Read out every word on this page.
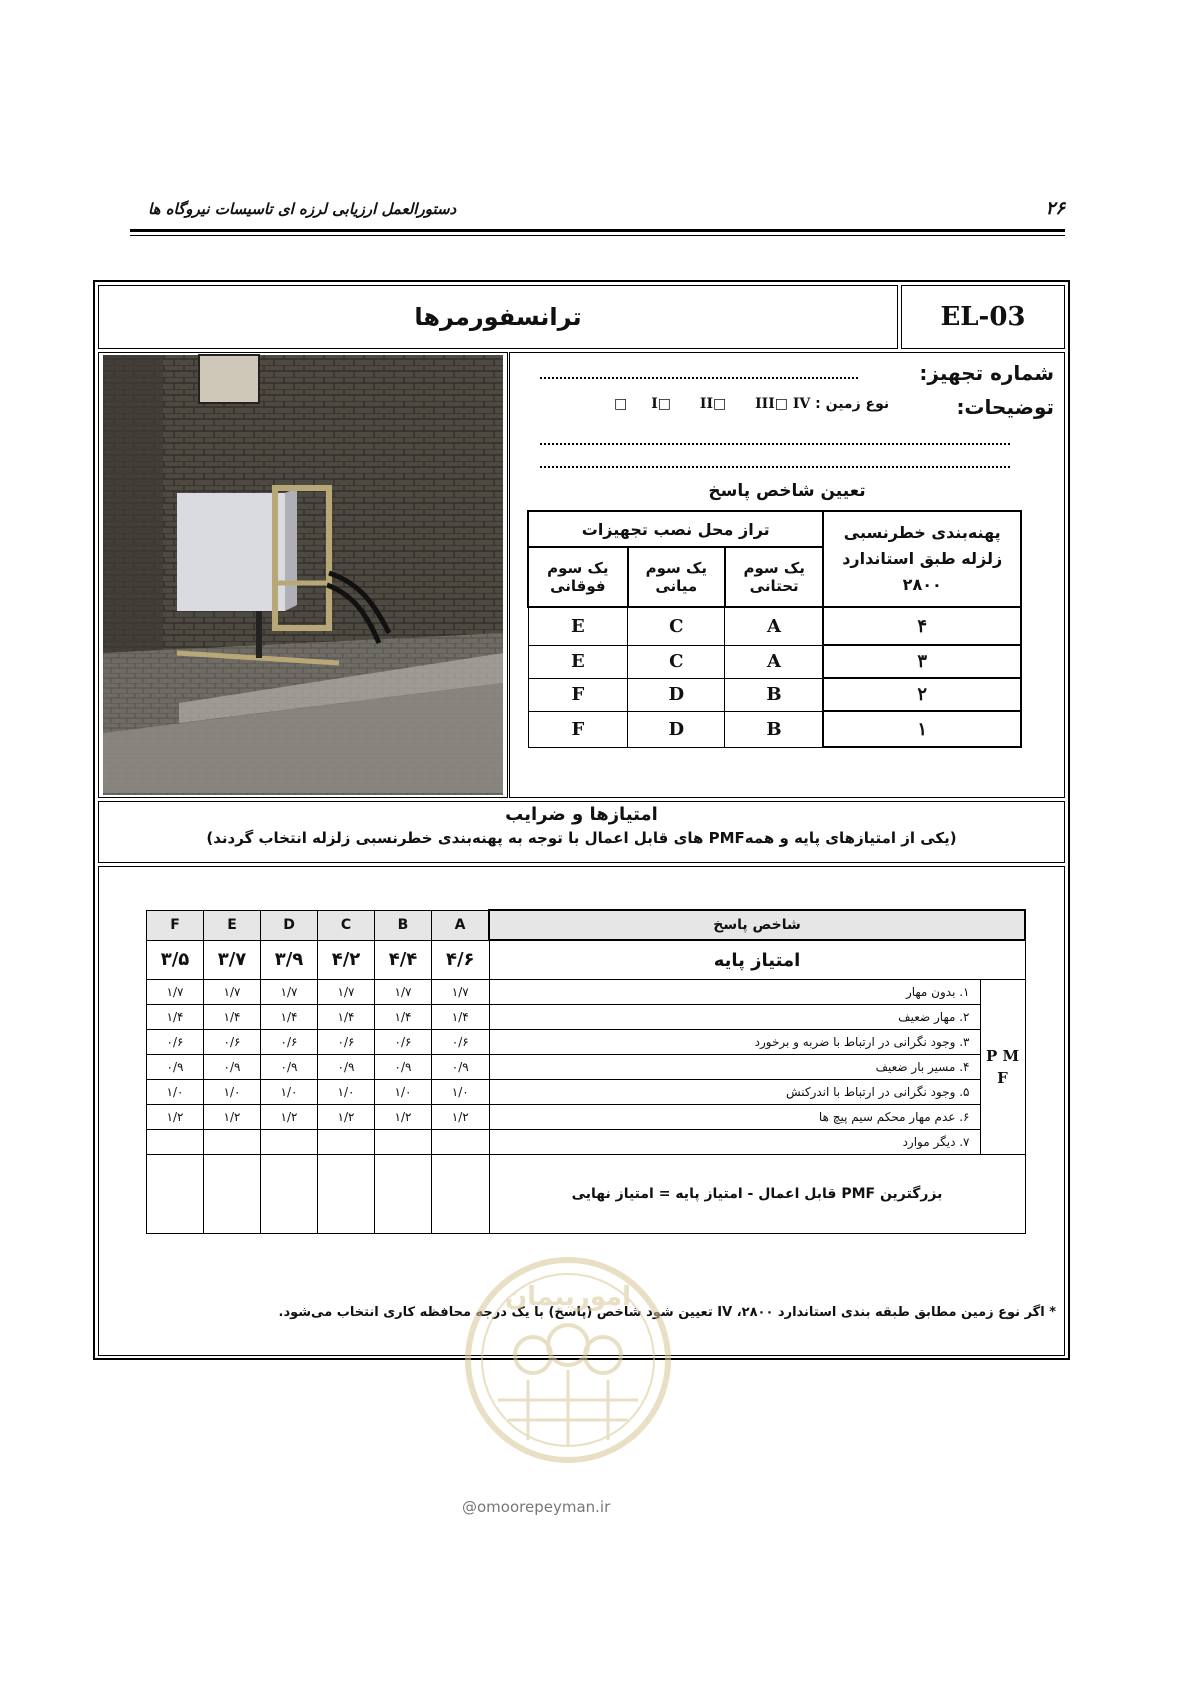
۲۶
دستورالعمل ارزیابی لرزه ای تاسیسات نیروگاه ها
ترانسفورمرها	EL-03
شماره تجهیز:
توضیحات:
نوع زمین : I□ II□ III□ IV□
تعیین شاخص پاسخ
پهنه‌بندی خطرنسبی زلزله طبق استاندارد ۲۸۰۰	تراز محل نصب تجهیزات		
	یک سوم تحتانی	یک سوم میانی	یک سوم فوقانی
۴	A	C	E
۳	A	C	E
۲	B	D	F
۱	B	D	F
امتیازها و ضرایب
(یکی از امتیازهای پایه و همهPMF های قابل اعمال با توجه به پهنه‌بندی خطرنسبی زلزله انتخاب گردند)
شاخص پاسخ		A	B	C	D	E	F
امتیاز پایه		۴/۶	۴/۴	۴/۲	۳/۹	۳/۷	۳/۵
P M F	۱. بدون مهار	۱/۷	۱/۷	۱/۷	۱/۷	۱/۷	۱/۷
	۲. مهار ضعیف	۱/۴	۱/۴	۱/۴	۱/۴	۱/۴	۱/۴
	۳. وجود نگرانی در ارتباط با ضربه و برخورد	۰/۶	۰/۶	۰/۶	۰/۶	۰/۶	۰/۶
	۴. مسیر بار ضعیف	۰/۹	۰/۹	۰/۹	۰/۹	۰/۹	۰/۹
	۵. وجود نگرانی در ارتباط با اندرکنش	۱/۰	۱/۰	۱/۰	۱/۰	۱/۰	۱/۰
	۶. عدم مهار محکم سیم پیچ ها	۱/۲	۱/۲	۱/۲	۱/۲	۱/۲	۱/۲
	۷. دیگر موارد						
بزرگترین PMF قابل اعمال - امتیاز پایه = امتیاز نهایی							
* اگر نوع زمین مطابق طبقه بندی استاندارد ۲۸۰۰، IV تعیین شود شاخص (پاسخ) با یک درجه محافظه کاری انتخاب می‌شود.
امورپیمان
@omoorepeyman.ir
